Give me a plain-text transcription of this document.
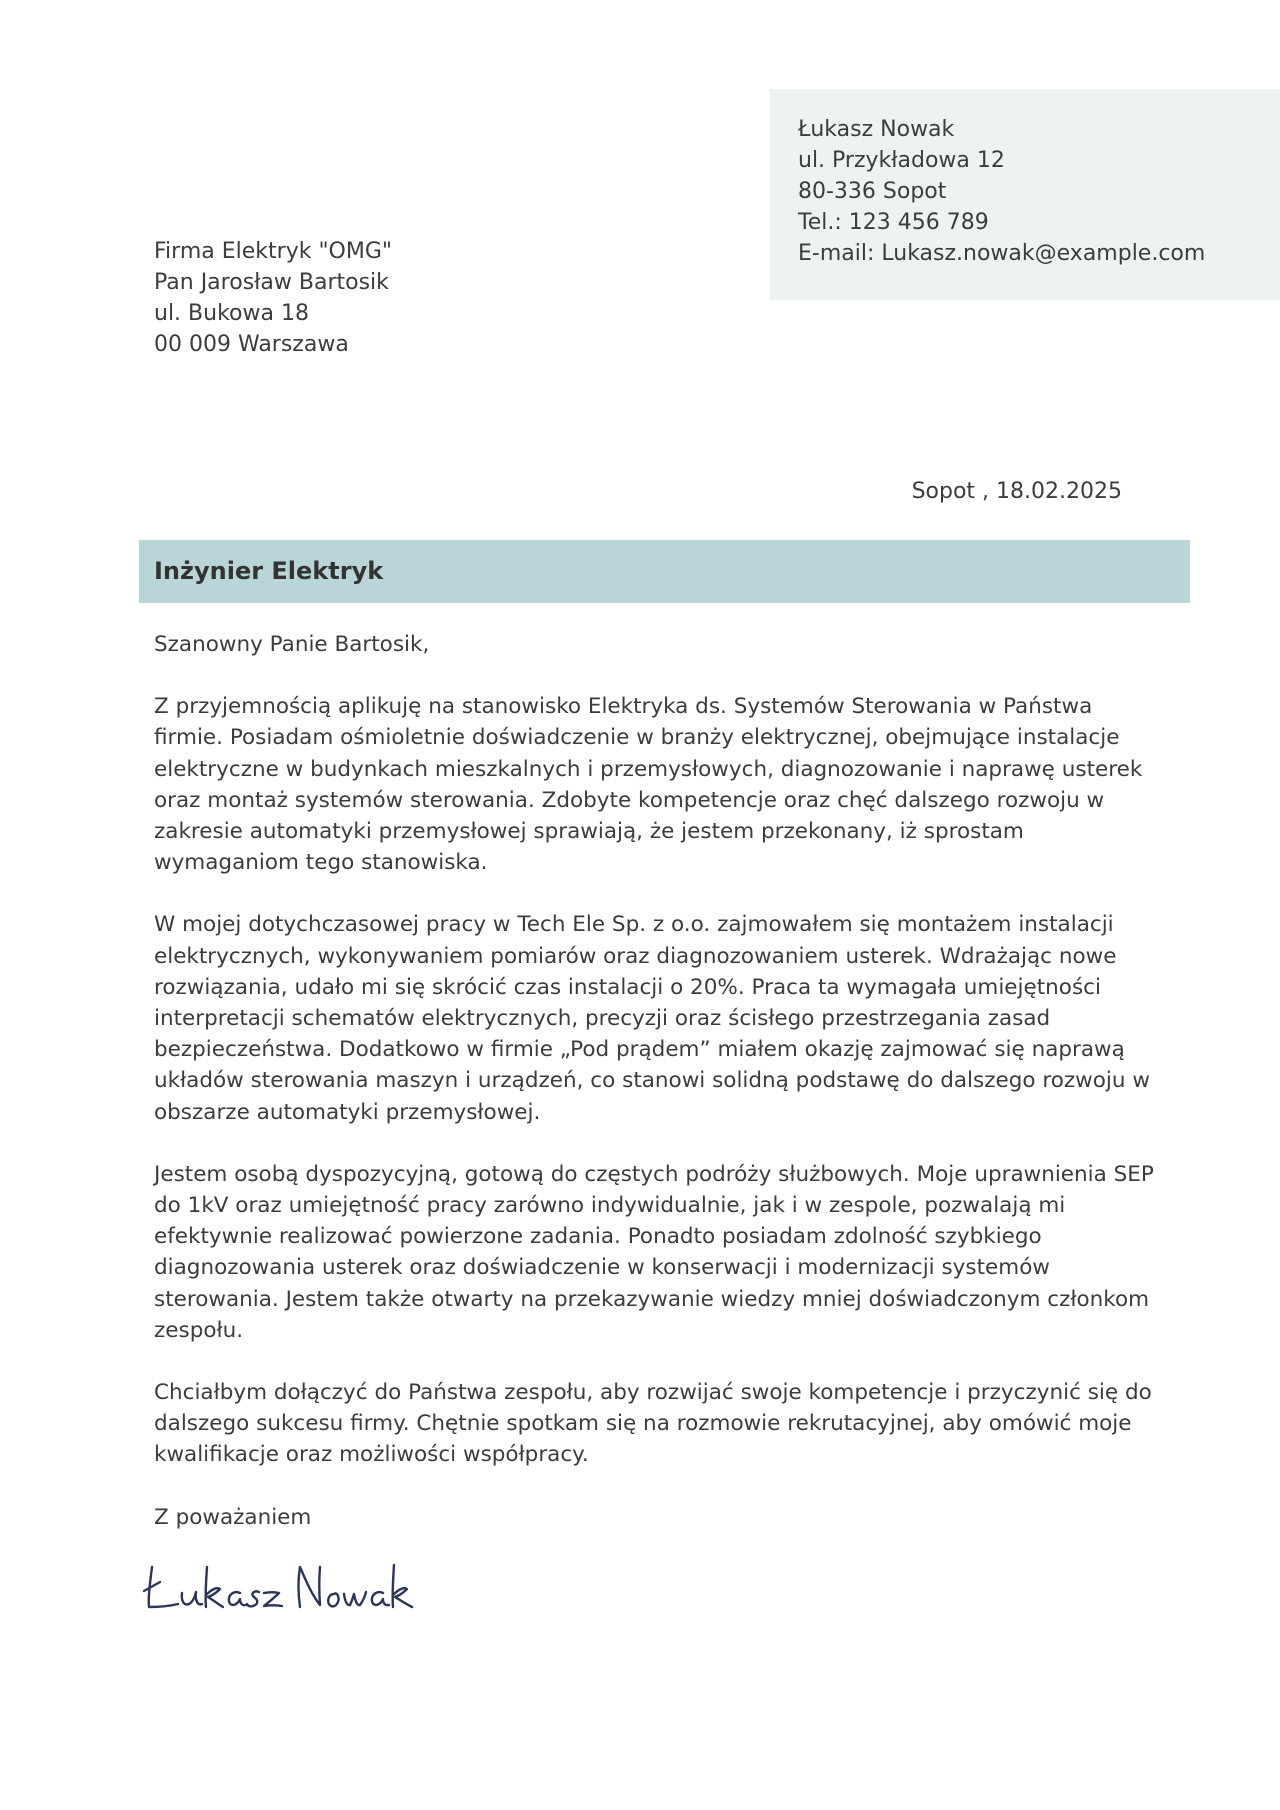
Łukasz Nowak
ul. Przykładowa 12
80-336 Sopot
Tel.: 123 456 789
E-mail: Lukasz.nowak@example.com
Firma Elektryk "OMG"
Pan Jarosław Bartosik
ul. Bukowa 18
00 009 Warszawa
Sopot , 18.02.2025
Inżynier Elektryk

Szanowny Panie Bartosik,

Z przyjemnością aplikuję na stanowisko Elektryka ds. Systemów Sterowania w Państwa firmie. Posiadam ośmioletnie doświadczenie w branży elektrycznej, obejmujące instalacje elektryczne w budynkach mieszkalnych i przemysłowych, diagnozowanie i naprawę usterek oraz montaż systemów sterowania. Zdobyte kompetencje oraz chęć dalszego rozwoju w zakresie automatyki przemysłowej sprawiają, że jestem przekonany, iż sprostam wymaganiom tego stanowiska.

W mojej dotychczasowej pracy w Tech Ele Sp. z o.o. zajmowałem się montażem instalacji elektrycznych, wykonywaniem pomiarów oraz diagnozowaniem usterek. Wdrażając nowe rozwiązania, udało mi się skrócić czas instalacji o 20%. Praca ta wymagała umiejętności interpretacji schematów elektrycznych, precyzji oraz ścisłego przestrzegania zasad bezpieczeństwa. Dodatkowo w firmie „Pod prądem” miałem okazję zajmować się naprawą układów sterowania maszyn i urządzeń, co stanowi solidną podstawę do dalszego rozwoju w obszarze automatyki przemysłowej.

Jestem osobą dyspozycyjną, gotową do częstych podróży służbowych. Moje uprawnienia SEP do 1kV oraz umiejętność pracy zarówno indywidualnie, jak i w zespole, pozwalają mi efektywnie realizować powierzone zadania. Ponadto posiadam zdolność szybkiego diagnozowania usterek oraz doświadczenie w konserwacji i modernizacji systemów sterowania. Jestem także otwarty na przekazywanie wiedzy mniej doświadczonym członkom zespołu.

Chciałbym dołączyć do Państwa zespołu, aby rozwijać swoje kompetencje i przyczynić się do dalszego sukcesu firmy. Chętnie spotkam się na rozmowie rekrutacyjnej, aby omówić moje kwalifikacje oraz możliwości współpracy.

Z poważaniem
